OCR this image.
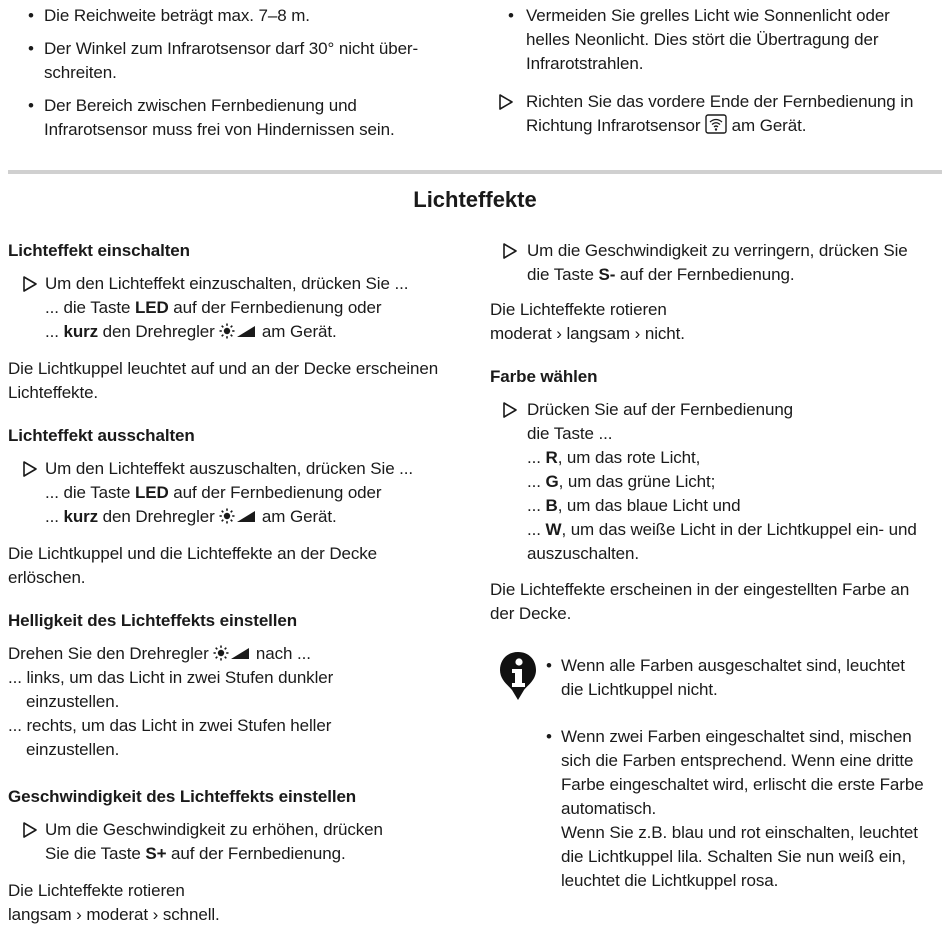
• Die Reichweite beträgt max. 7–8 m.
• Der Winkel zum Infrarotsensor darf 30° nicht über-
schreiten.
• Der Bereich zwischen Fernbedienung und
Infrarotsensor muss frei von Hindernissen sein.
• Vermeiden Sie grelles Licht wie Sonnenlicht oder
helles Neonlicht. Dies stört die Übertragung der
Infrarotstrahlen.
Richten Sie das vordere Ende der Fernbedienung in
Richtung Infrarotsensor am Gerät.
Lichteffekte
Lichteffekt einschalten
Um den Lichteffekt einzuschalten, drücken Sie ...
... die Taste LED auf der Fernbedienung oder
... kurz den Drehregler  am Gerät.
Die Lichtkuppel leuchtet auf und an der Decke erscheinen
Lichteffekte.
Lichteffekt ausschalten
Um den Lichteffekt auszuschalten, drücken Sie ...
... die Taste LED auf der Fernbedienung oder
... kurz den Drehregler  am Gerät.
Die Lichtkuppel und die Lichteffekte an der Decke
erlöschen.
Helligkeit des Lichteffekts einstellen
Drehen Sie den Drehregler  nach ...
... links, um das Licht in zwei Stufen dunkler
einzustellen.
... rechts, um das Licht in zwei Stufen heller
einzustellen.
Geschwindigkeit des Lichteffekts einstellen
Um die Geschwindigkeit zu erhöhen, drücken
Sie die Taste S+ auf der Fernbedienung.
Die Lichteffekte rotieren
langsam › moderat › schnell.
Um die Geschwindigkeit zu verringern, drücken Sie
die Taste S- auf der Fernbedienung.
Die Lichteffekte rotieren
moderat › langsam › nicht.
Farbe wählen
Drücken Sie auf der Fernbedienung
die Taste ...
... R, um das rote Licht,
... G, um das grüne Licht;
... B, um das blaue Licht und
... W, um das weiße Licht in der Lichtkuppel ein- und
auszuschalten.
Die Lichteffekte erscheinen in der eingestellten Farbe an
der Decke.
• Wenn alle Farben ausgeschaltet sind, leuchtet
die Lichtkuppel nicht.
• Wenn zwei Farben eingeschaltet sind, mischen
sich die Farben entsprechend. Wenn eine dritte
Farbe eingeschaltet wird, erlischt die erste Farbe
automatisch.
Wenn Sie z.B. blau und rot einschalten, leuchtet
die Lichtkuppel lila. Schalten Sie nun weiß ein,
leuchtet die Lichtkuppel rosa.
